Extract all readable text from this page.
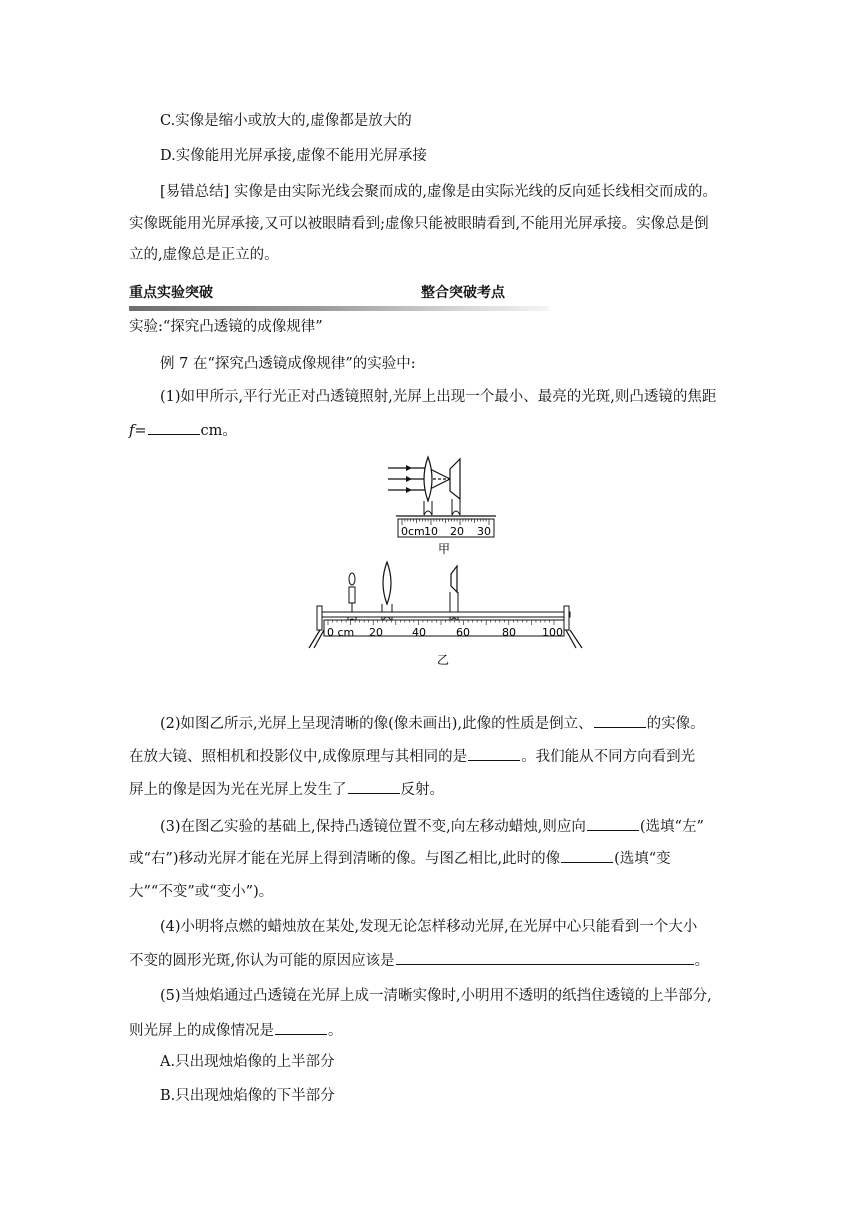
C.实像是缩小或放大的,虚像都是放大的
D.实像能用光屏承接,虚像不能用光屏承接
[易错总结] 实像是由实际光线会聚而成的,虚像是由实际光线的反向延长线相交而成的。
实像既能用光屏承接,又可以被眼睛看到;虚像只能被眼睛看到,不能用光屏承接。实像总是倒
立的,虚像总是正立的。
重点实验突破	整合突破考点
实验:“探究凸透镜的成像规律”
例 7 在“探究凸透镜成像规律”的实验中:
(1)如甲所示,平行光正对凸透镜照射,光屏上出现一个最小、最亮的光斑,则凸透镜的焦距
f=	cm。
0cm 10 20 30
甲
0 cm 20	40	60	80 100
乙
(2)如图乙所示,光屏上呈现清晰的像(像未画出),此像的性质是倒立、	的实像。
在放大镜、照相机和投影仪中,成像原理与其相同的是	。我们能从不同方向看到光
屏上的像是因为光在光屏上发生了	反射。
(3)在图乙实验的基础上,保持凸透镜位置不变,向左移动蜡烛,则应向	(选填“左”
或“右”)移动光屏才能在光屏上得到清晰的像。与图乙相比,此时的像	(选填“变
大”“不变”或“变小”)。
(4)小明将点燃的蜡烛放在某处,发现无论怎样移动光屏,在光屏中心只能看到一个大小
不变的圆形光斑,你认为可能的原因应该是	。
(5)当烛焰通过凸透镜在光屏上成一清晰实像时,小明用不透明的纸挡住透镜的上半部分,
则光屏上的成像情况是	。
A.只出现烛焰像的上半部分
B.只出现烛焰像的下半部分
